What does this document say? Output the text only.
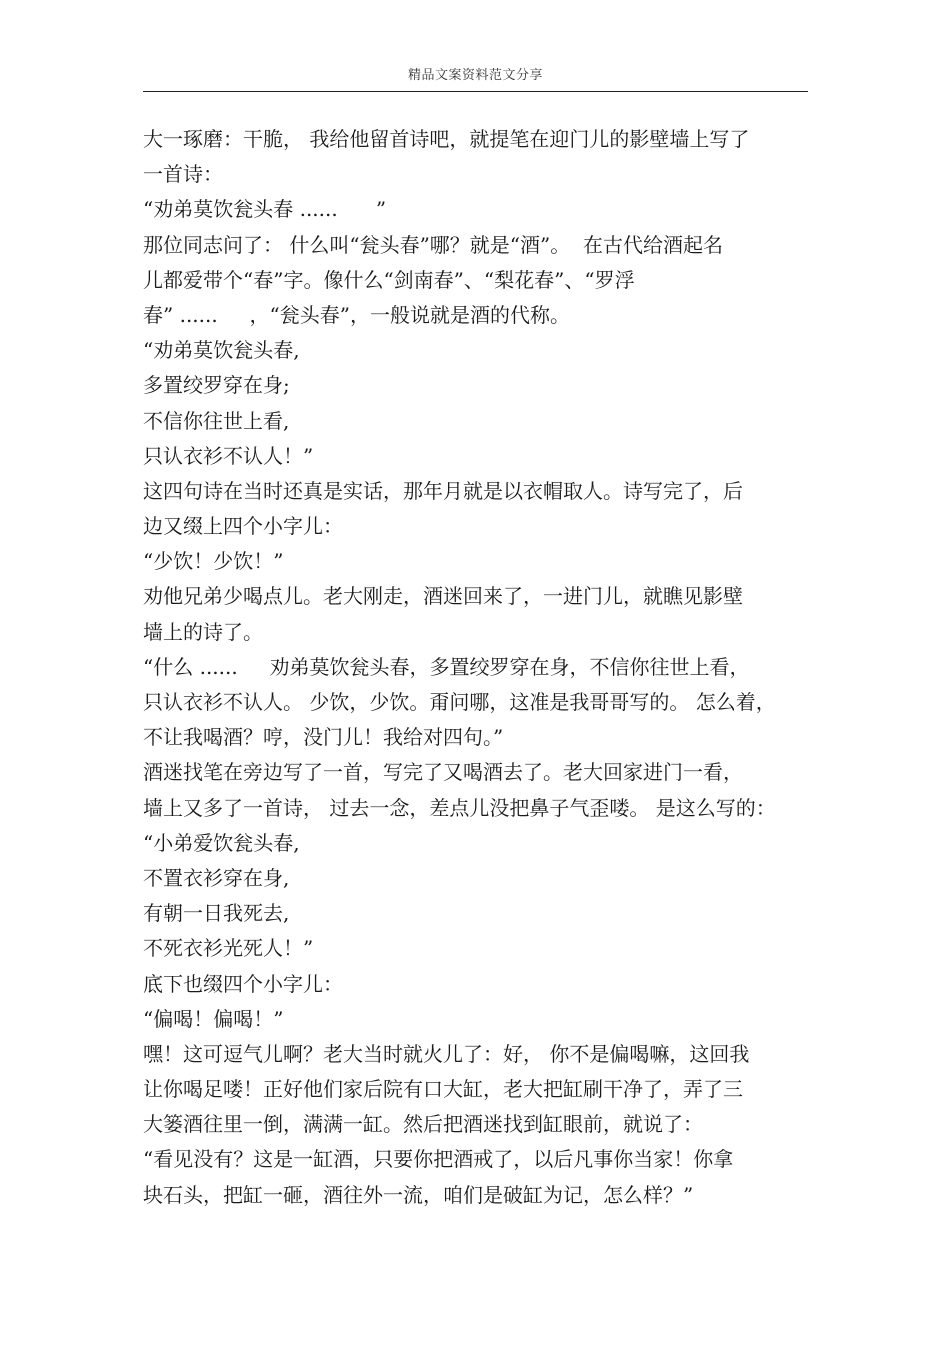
精品文案资料范文分享
大一琢磨：干脆， 我给他留首诗吧，就提笔在迎门儿的影壁墙上写了
一首诗：
“劝弟莫饮瓮头春 ......      ”
那位同志问了： 什么叫“瓮头春”哪？就是“酒”。  在古代给酒起名
儿都爱带个“春”字。像什么“剑南春”、“梨花春”、“罗浮
春” ......     ，“瓮头春”，一般说就是酒的代称。
“劝弟莫饮瓮头春,
多置绞罗穿在身;
不信你往世上看,
只认衣衫不认人！”
这四句诗在当时还真是实话，那年月就是以衣帽取人。诗写完了，后
边又缀上四个小字儿：
“少饮！少饮！”
劝他兄弟少喝点儿。老大刚走，酒迷回来了，一进门儿，就瞧见影壁
墙上的诗了。
“什么 ......     劝弟莫饮瓮头春，多置绞罗穿在身，不信你往世上看，
只认衣衫不认人。 少饮，少饮。甭问哪，这准是我哥哥写的。 怎么着，
不让我喝酒？哼，没门儿！我给对四句。”
酒迷找笔在旁边写了一首，写完了又喝酒去了。老大回家进门一看，
墙上又多了一首诗， 过去一念，差点儿没把鼻子气歪喽。 是这么写的：
“小弟爱饮瓮头春,
不置衣衫穿在身,
有朝一日我死去,
不死衣衫光死人！”
底下也缀四个小字儿：
“偏喝！偏喝！”
嘿！这可逗气儿啊？老大当时就火儿了：好， 你不是偏喝嘛，这回我
让你喝足喽！正好他们家后院有口大缸，老大把缸刷干净了，弄了三
大篓酒往里一倒，满满一缸。然后把酒迷找到缸眼前，就说了：
“看见没有？这是一缸酒，只要你把酒戒了，以后凡事你当家！你拿
块石头，把缸一砸，酒往外一流，咱们是破缸为记，怎么样？”
